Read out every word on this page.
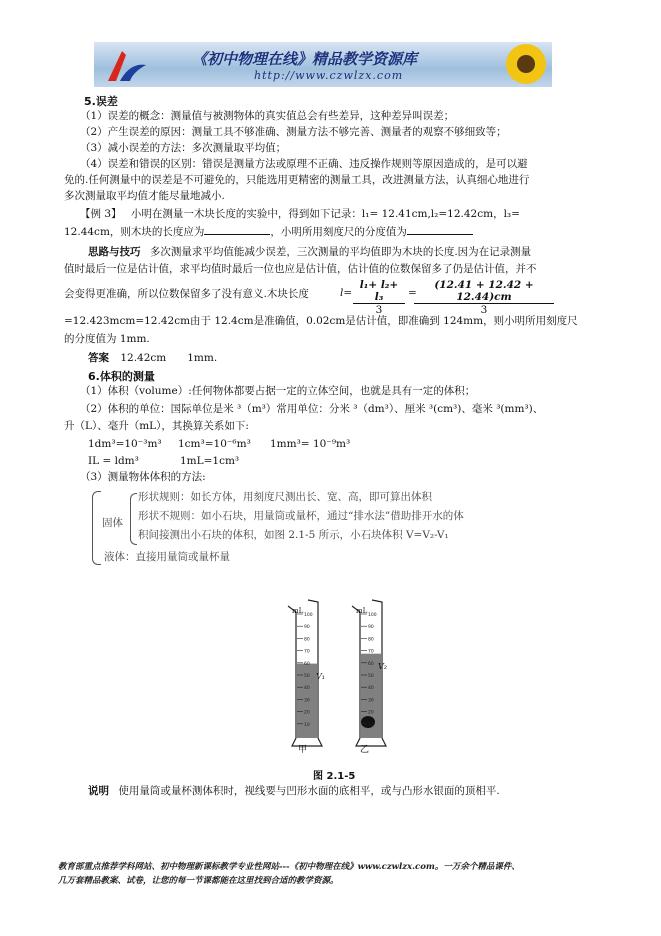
《初中物理在线》精品教学资源库
http://www.czwlzx.com
5.误差
（1）误差的概念：测量值与被测物体的真实值总会有些差异，这种差异叫误差；
（2）产生误差的原因：测量工具不够准确、测量方法不够完善、测量者的观察不够细致等；
（3）减小误差的方法：多次测量取平均值；
（4）误差和错误的区别：错误是测量方法或原理不正确、违反操作规则等原因造成的，是可以避
免的.任何测量中的误差是不可避免的，只能选用更精密的测量工具，改进测量方法，认真细心地进行
多次测量取平均值才能尽量地减小.
【例 3】 小明在测量一木块长度的实验中，得到如下记录：l₁= 12.41cm,l₂=12.42cm，l₃=
12.44cm，则木块的长度应为	，小明所用刻度尺的分度值为
思路与技巧 多次测量求平均值能减少误差，三次测量的平均值即为木块的长度.因为在记录测量
值时最后一位是估计值，求平均值时最后一位也应是估计值，估计值的位数保留多了仍是估计值，并不
会变得更准确，所以位数保留多了没有意义.木块长度	$l= \frac{\text{l₁+ l₂+ l₃}}{3}$ =
$\frac{(12.41 + 12.42 + 12.44)cm}{3}$
=12.423mcm=12.42cm由于 12.4cm是准确值，0.02cm是估计值，即准确到 124mm，则小明所用刻度尺
的分度值为 1mm.
答案 12.42cm　　1mm.
6.体积的测量
（1）体积（volume）:任何物体都要占据一定的立体空间，也就是具有一定的体积；
（2）体积的单位：国际单位是米 ³（m³）常用单位：分米 ³（dm³）、厘米 ³(cm³)、毫米 ³(mm³)、
升（L）、毫升（mL），其换算关系如下:
1dm³=10⁻³m³ 1cm³=10⁻⁶m³ 1mm³= 10⁻⁹m³
IL = ldm³	1mL=1cm³
（3）测量物体体积的方法:
固体
形状规则：如长方体，用刻度尺测出长、宽、高，即可算出体积
形状不规则：如小石块，用量筒或量杯，通过“排水法”借助排开水的体
积间接测出小石块的体积，如图 2.1-5 所示，小石块体积 V=V₂-V₁
液体：直接用量筒或量杯量
100
90
80
70
60
50
40
30
20
10
100
90
80
70
60
50
40
30
20
10
mL	mL
V₁
V₂
甲	乙
图 2.1-5
说明 使用量筒或量杯测体积时，视线要与凹形水面的底相平，或与凸形水银面的顶相平.
教育部重点推荐学科网站、初中物理新课标教学专业性网站---《初中物理在线》www.czwlzx.com。一万余个精品课件、
几万套精品教案、试卷，让您的每一节课都能在这里找到合适的教学资源。
